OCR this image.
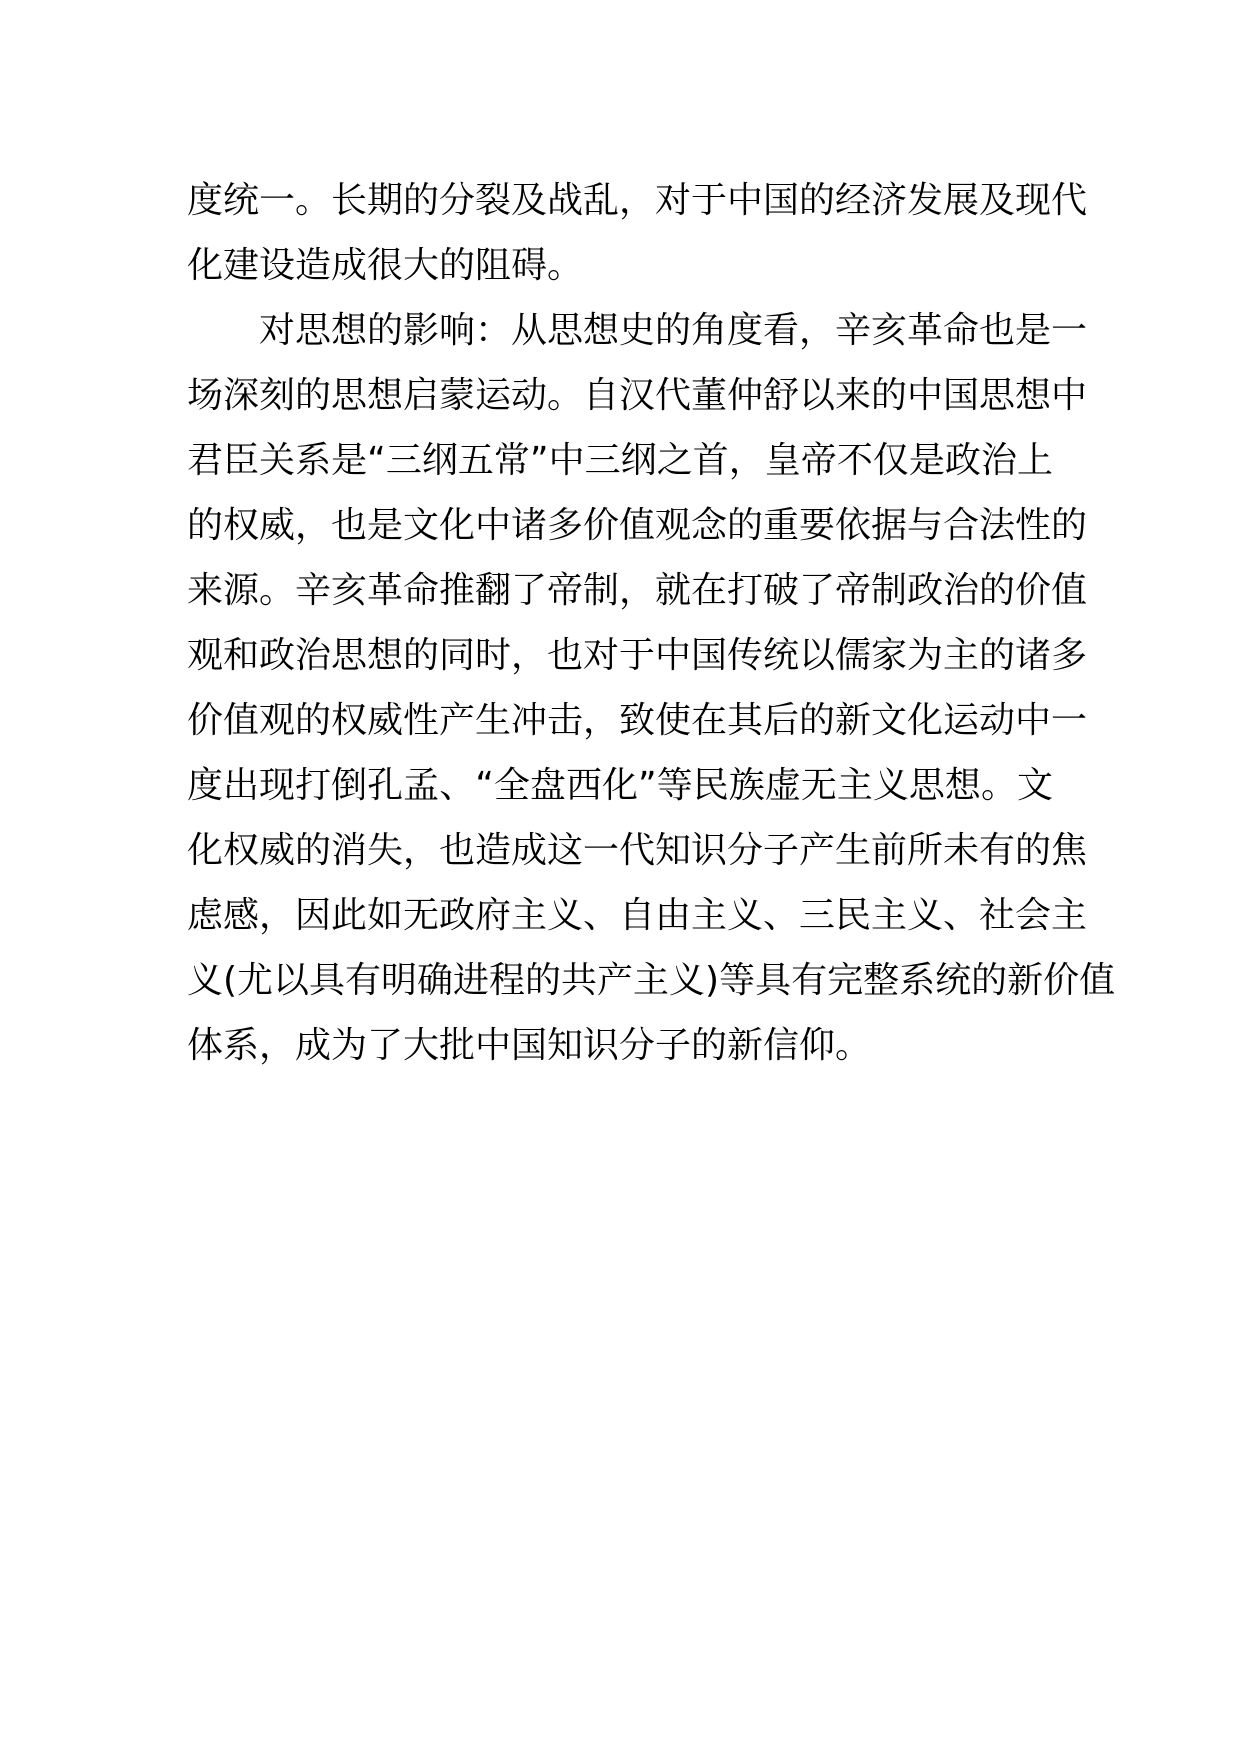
度统一。长期的分裂及战乱，对于中国的经济发展及现代
化建设造成很大的阻碍。
对思想的影响：从思想史的角度看，辛亥革命也是一
场深刻的思想启蒙运动。自汉代董仲舒以来的中国思想中
君臣关系是“三纲五常”中三纲之首，皇帝不仅是政治上
的权威，也是文化中诸多价值观念的重要依据与合法性的
来源。辛亥革命推翻了帝制，就在打破了帝制政治的价值
观和政治思想的同时，也对于中国传统以儒家为主的诸多
价值观的权威性产生冲击，致使在其后的新文化运动中一
度出现打倒孔孟、“全盘西化”等民族虚无主义思想。文
化权威的消失，也造成这一代知识分子产生前所未有的焦
虑感，因此如无政府主义、自由主义、三民主义、社会主
义(尤以具有明确进程的共产主义)等具有完整系统的新价值
体系，成为了大批中国知识分子的新信仰。
